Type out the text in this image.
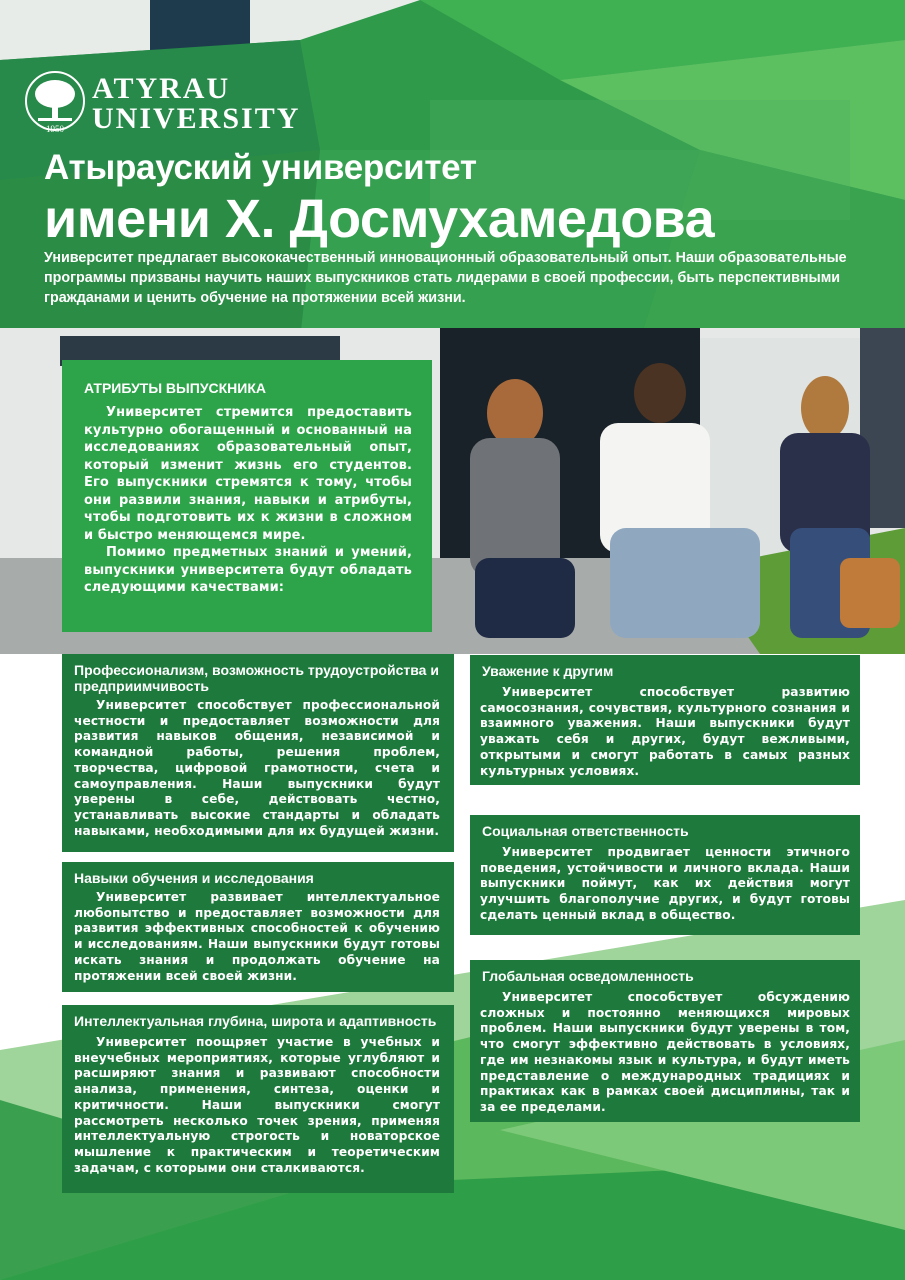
ATYRAU
UNIVERSITY
1950
Атырауский университет
имени Х. Досмухамедова
Университет предлагает высококачественный инновационный образовательный опыт. Наши образовательные программы призваны научить наших выпускников стать лидерами в своей профессии, быть перспективными гражданами и ценить обучение на протяжении всей жизни.
АТРИБУТЫ ВЫПУСКНИКА

Университет стремится предоставить культурно обогащенный и основанный на исследованиях образовательный опыт, который изменит жизнь его студентов. Его выпускники стремятся к тому, чтобы они развили знания, навыки и атрибуты, чтобы подготовить их к жизни в сложном и быстро меняющемся мире.

Помимо предметных знаний и умений, выпускники университета будут обладать следующими качествами:

Профессионализм, возможность трудоустройства и предприимчивость

Университет способствует профессиональной честности и предоставляет возможности для развития навыков общения, независимой и командной работы, решения проблем, творчества, цифровой грамотности, счета и самоуправления. Наши выпускники будут уверены в себе, действовать честно, устанавливать высокие стандарты и обладать навыками, необходимыми для их будущей жизни.

Навыки обучения и исследования

Университет развивает интеллектуальное любопытство и предоставляет возможности для развития эффективных способностей к обучению и исследованиям. Наши выпускники будут готовы искать знания и продолжать обучение на протяжении всей своей жизни.

Интеллектуальная глубина, широта и адаптивность

Университет поощряет участие в учебных и внеучебных мероприятиях, которые углубляют и расширяют знания и развивают способности анализа, применения, синтеза, оценки и критичности. Наши выпускники смогут рассмотреть несколько точек зрения, применяя интеллектуальную строгость и новаторское мышление к практическим и теоретическим задачам, с которыми они сталкиваются.

Уважение к другим

Университет способствует развитию самосознания, сочувствия, культурного сознания и взаимного уважения. Наши выпускники будут уважать себя и других, будут вежливыми, открытыми и смогут работать в самых разных культурных условиях.

Социальная ответственность

Университет продвигает ценности этичного поведения, устойчивости и личного вклада. Наши выпускники поймут, как их действия могут улучшить благополучие других, и будут готовы сделать ценный вклад в общество.

Глобальная осведомленность

Университет способствует обсуждению сложных и постоянно меняющихся мировых проблем. Наши выпускники будут уверены в том, что смогут эффективно действовать в условиях, где им незнакомы язык и культура, и будут иметь представление о международных традициях и практиках как в рамках своей дисциплины, так и за ее пределами.
